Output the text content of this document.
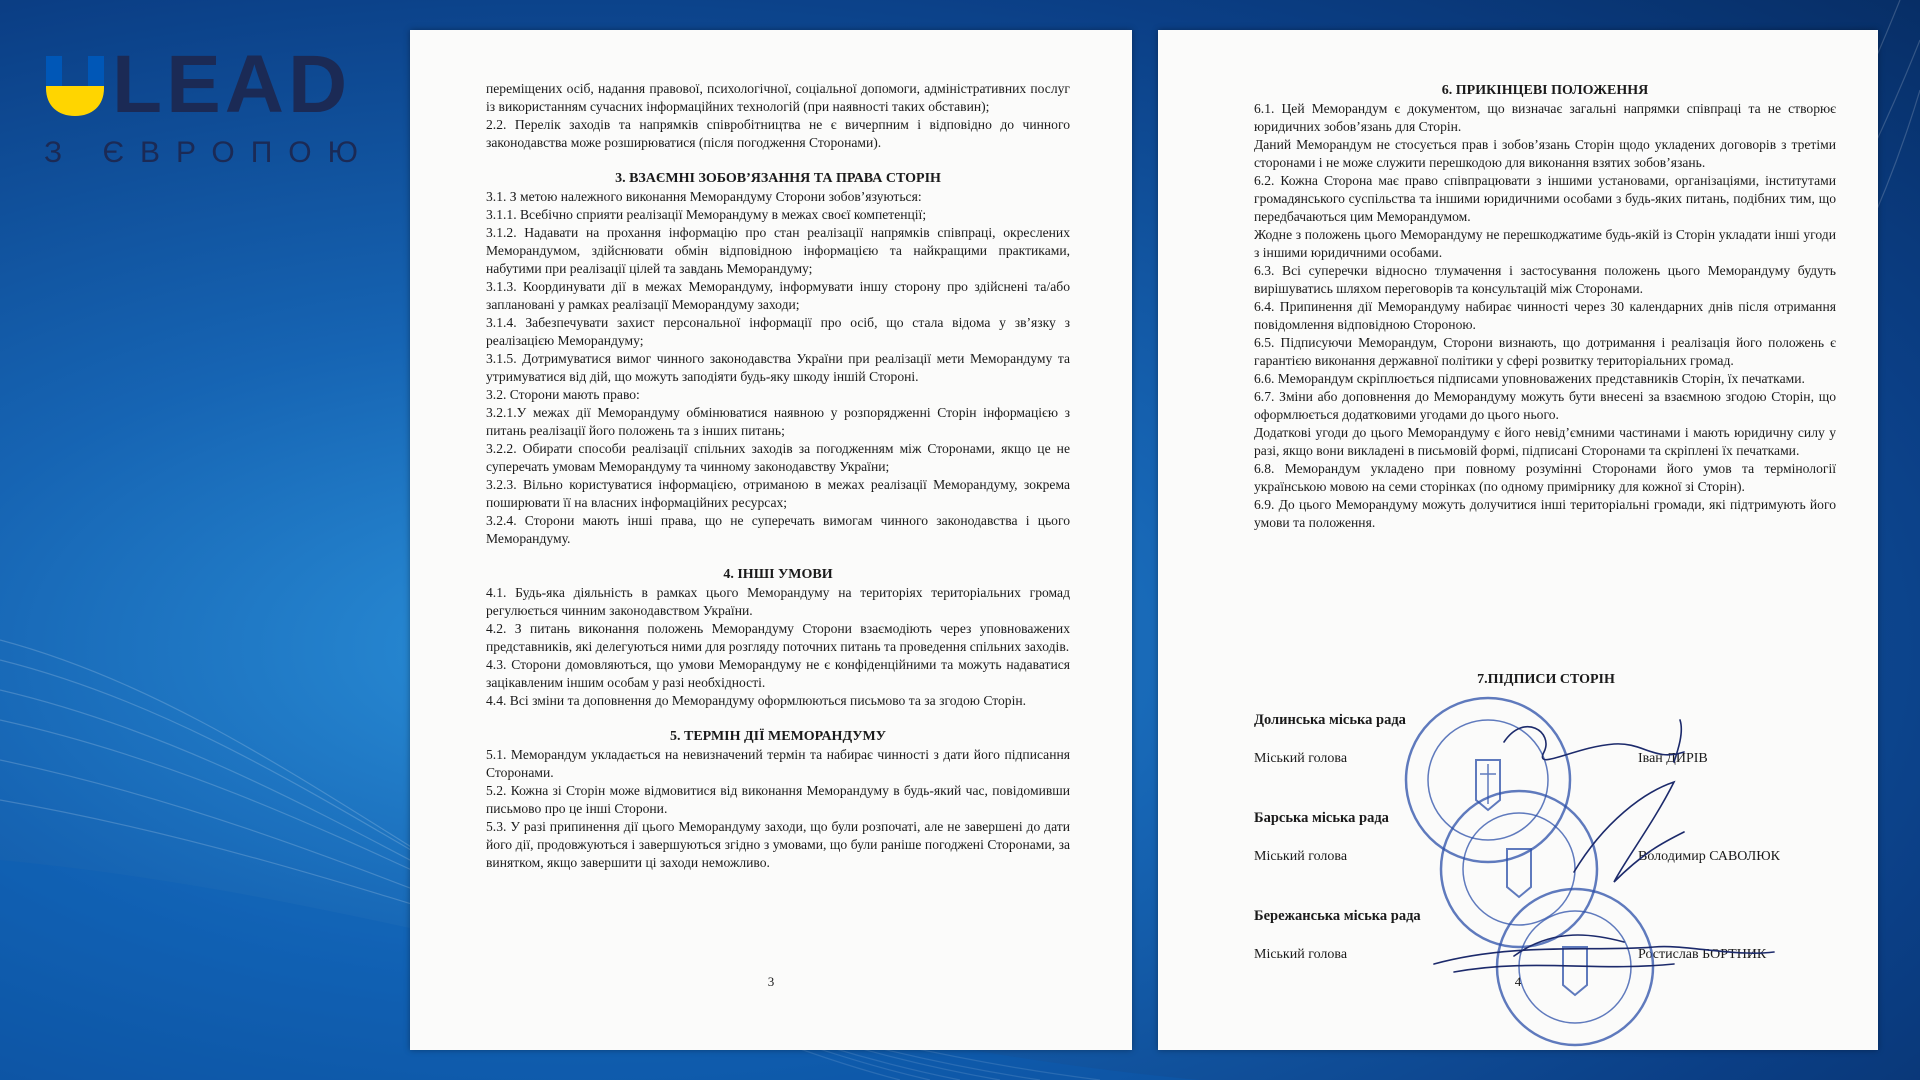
LEAD
З ЄВРОПОЮ

переміщених осіб, надання правової, психологічної, соціальної допомоги, адміністративних послуг із використанням сучасних інформаційних технологій (при наявності таких обставин);

2.2. Перелік заходів та напрямків співробітництва не є вичерпним і відповідно до чинного законодавства може розширюватися (після погодження Сторонами).

3. ВЗАЄМНІ ЗОБОВ’ЯЗАННЯ ТА ПРАВА СТОРІН

3.1. З метою належного виконання Меморандуму Сторони зобов’язуються:

3.1.1. Всебічно сприяти реалізації Меморандуму в межах своєї компетенції;

3.1.2. Надавати на прохання інформацію про стан реалізації напрямків співпраці, окреслених Меморандумом, здійснювати обмін відповідною інформацією та найкращими практиками, набутими при реалізації цілей та завдань Меморандуму;

3.1.3. Координувати дії в межах Меморандуму, інформувати іншу сторону про здійснені та/або заплановані у рамках реалізації Меморандуму заходи;

3.1.4. Забезпечувати захист персональної інформації про осіб, що стала відома у зв’язку з реалізацією Меморандуму;

3.1.5. Дотримуватися вимог чинного законодавства України при реалізації мети Меморандуму та утримуватися від дій, що можуть заподіяти будь-яку шкоду іншій Стороні.

3.2. Сторони мають право:

3.2.1.У межах дії Меморандуму обмінюватися наявною у розпорядженні Сторін інформацією з питань реалізації його положень та з інших питань;

3.2.2. Обирати способи реалізації спільних заходів за погодженням між Сторонами, якщо це не суперечать умовам Меморандуму та чинному законодавству України;

3.2.3. Вільно користуватися інформацією, отриманою в межах реалізації Меморандуму, зокрема поширювати її на власних інформаційних ресурсах;

3.2.4. Сторони мають інші права, що не суперечать вимогам чинного законодавства і цього Меморандуму.

4. ІНШІ УМОВИ

4.1. Будь-яка діяльність в рамках цього Меморандуму на територіях територіальних громад регулюється чинним законодавством України.

4.2. З питань виконання положень Меморандуму Сторони взаємодіють через уповноважених представників, які делегуються ними для розгляду поточних питань та проведення спільних заходів.

4.3. Сторони домовляються, що умови Меморандуму не є конфіденційними та можуть надаватися зацікавленим іншим особам у разі необхідності.

4.4. Всі зміни та доповнення до Меморандуму оформлюються письмово та за згодою Сторін.

5. ТЕРМІН ДІЇ МЕМОРАНДУМУ

5.1. Меморандум укладається на невизначений термін та набирає чинності з дати його підписання Сторонами.

5.2. Кожна зі Сторін може відмовитися від виконання Меморандуму в будь-який час, повідомивши письмово про це інші Сторони.

5.3. У разі припинення дії цього Меморандуму заходи, що були розпочаті, але не завершені до дати його дії, продовжуються і завершуються згідно з умовами, що були раніше погоджені Сторонами, за винятком, якщо завершити ці заходи неможливо.

3
6. ПРИКІНЦЕВІ ПОЛОЖЕННЯ

6.1. Цей Меморандум є документом, що визначає загальні напрямки співпраці та не створює юридичних зобов’язань для Сторін.

Даний Меморандум не стосується прав і зобов’язань Сторін щодо укладених договорів з третіми сторонами і не може служити перешкодою для виконання взятих зобов’язань.

6.2. Кожна Сторона має право співпрацювати з іншими установами, організаціями, інститутами громадянського суспільства та іншими юридичними особами з будь-яких питань, подібних тим, що передбачаються цим Меморандумом.

Жодне з положень цього Меморандуму не перешкоджатиме будь-якій із Сторін укладати інші угоди з іншими юридичними особами.

6.3. Всі суперечки відносно тлумачення і застосування положень цього Меморандуму будуть вирішуватись шляхом переговорів та консультацій між Сторонами.

6.4. Припинення дії Меморандуму набирає чинності через 30 календарних днів після отримання повідомлення відповідною Стороною.

6.5. Підписуючи Меморандум, Сторони визнають, що дотримання і реалізація його положень є гарантією виконання державної політики у сфері розвитку територіальних громад.

6.6. Меморандум скріплюється підписами уповноважених представників Сторін, їх печатками.

6.7. Зміни або доповнення до Меморандуму можуть бути внесені за взаємною згодою Сторін, що оформлюється додатковими угодами до цього нього.

Додаткові угоди до цього Меморандуму є його невід’ємними частинами і мають юридичну силу у разі, якщо вони викладені в письмовій формі, підписані Сторонами та скріплені їх печатками.

6.8. Меморандум укладено при повному розумінні Сторонами його умов та термінології українською мовою на семи сторінках (по одному примірнику для кожної зі Сторін).

6.9. До цього Меморандуму можуть долучитися інші територіальні громади, які підтримують його умови та положення.

7.ПІДПИСИ СТОРІН
Долинська міська рада
Міський голова	Іван ДИРІВ
Барська міська рада
Міський голова	Володимир САВОЛЮК
Бережанська міська рада
Міський голова	Ростислав БОРТНИК
4
